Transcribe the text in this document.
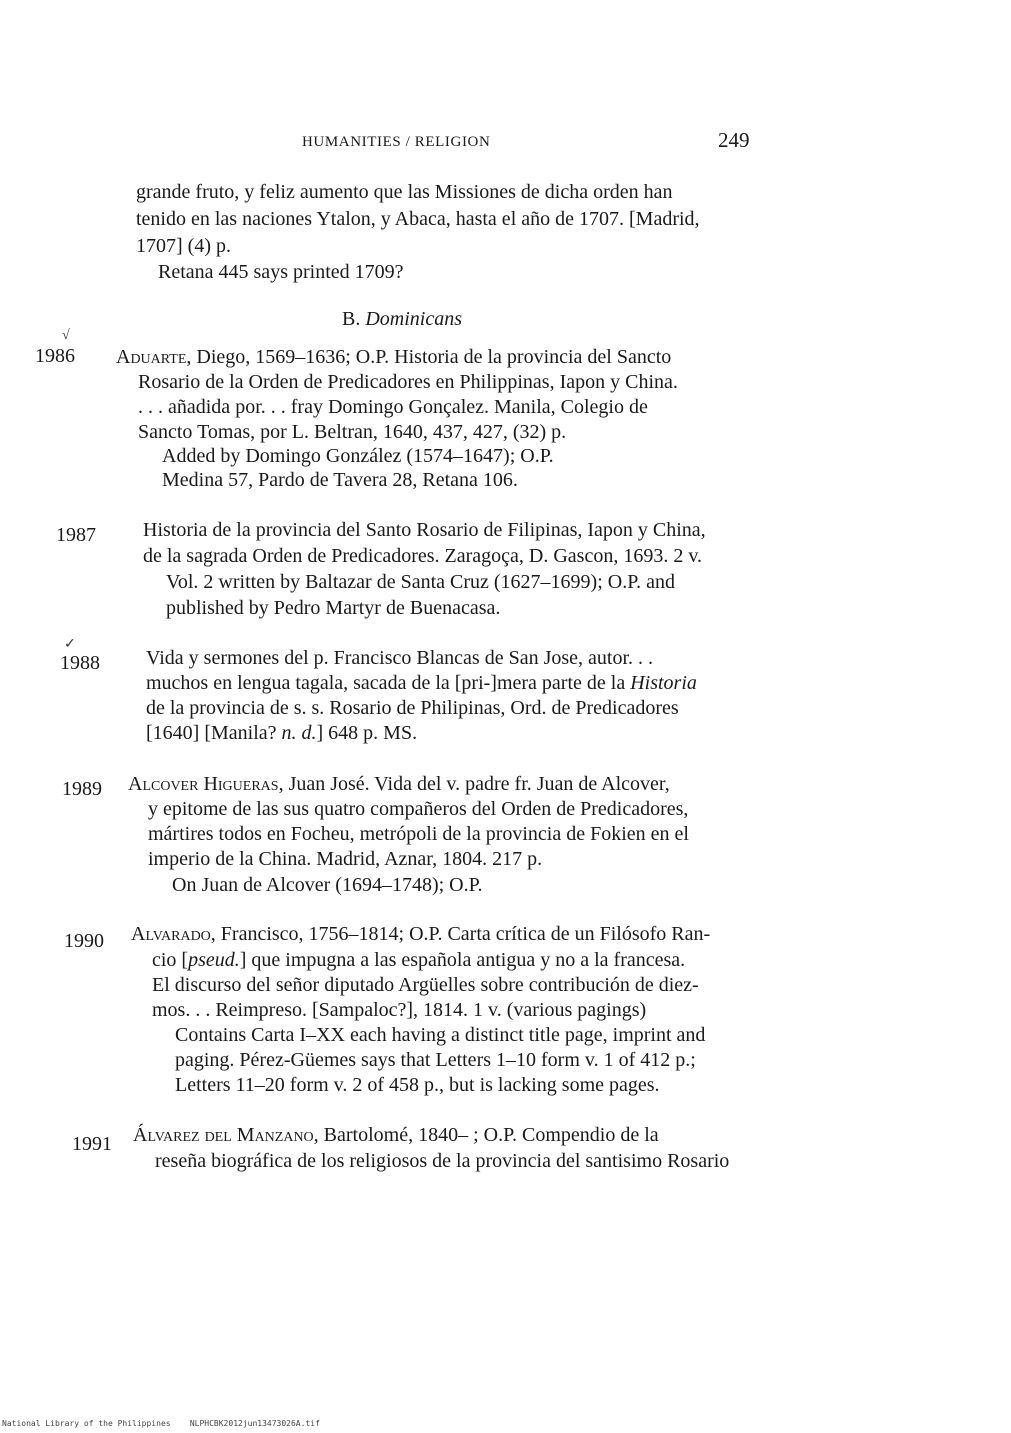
HUMANITIES / RELIGION	249
grande fruto, y feliz aumento que las Missiones de dicha orden han
tenido en las naciones Ytalon, y Abaca, hasta el año de 1707. [Madrid,
1707] (4) p.
Retana 445 says printed 1709?
B. Dominicans
√
1986 Aduarte, Diego, 1569–1636; O.P. Historia de la provincia del Sancto
Rosario de la Orden de Predicadores en Philippinas, Iapon y China.
. . . añadida por. . . fray Domingo Gonçalez. Manila, Colegio de
Sancto Tomas, por L. Beltran, 1640, 437, 427, (32) p.
Added by Domingo González (1574–1647); O.P.
Medina 57, Pardo de Tavera 28, Retana 106.
1987 Historia de la provincia del Santo Rosario de Filipinas, Iapon y China,
de la sagrada Orden de Predicadores. Zaragoça, D. Gascon, 1693. 2 v.
Vol. 2 written by Baltazar de Santa Cruz (1627–1699); O.P. and
published by Pedro Martyr de Buenacasa.
✓
1988 Vida y sermones del p. Francisco Blancas de San Jose, autor. . .
muchos en lengua tagala, sacada de la [pri-]mera parte de la Historia
de la provincia de s. s. Rosario de Philipinas, Ord. de Predicadores
[1640] [Manila? n. d.] 648 p. MS.
1989 Alcover Higueras, Juan José. Vida del v. padre fr. Juan de Alcover,
y epitome de las sus quatro compañeros del Orden de Predicadores,
mártires todos en Focheu, metrópoli de la provincia de Fokien en el
imperio de la China. Madrid, Aznar, 1804. 217 p.
On Juan de Alcover (1694–1748); O.P.
1990 Alvarado, Francisco, 1756–1814; O.P. Carta crítica de un Filósofo Ran-
cio [pseud.] que impugna a las española antigua y no a la francesa.
El discurso del señor diputado Argüelles sobre contribución de diez-
mos. . . Reimpreso. [Sampaloc?], 1814. 1 v. (various pagings)
Contains Carta I–XX each having a distinct title page, imprint and
paging. Pérez-Güemes says that Letters 1–10 form v. 1 of 412 p.;
Letters 11–20 form v. 2 of 458 p., but is lacking some pages.
1991 Álvarez del Manzano, Bartolomé, 1840– ; O.P. Compendio de la
reseña biográfica de los religiosos de la provincia del santisimo Rosario
National Library of the Philippines NLPHCBK2012jun13473026A.tif
